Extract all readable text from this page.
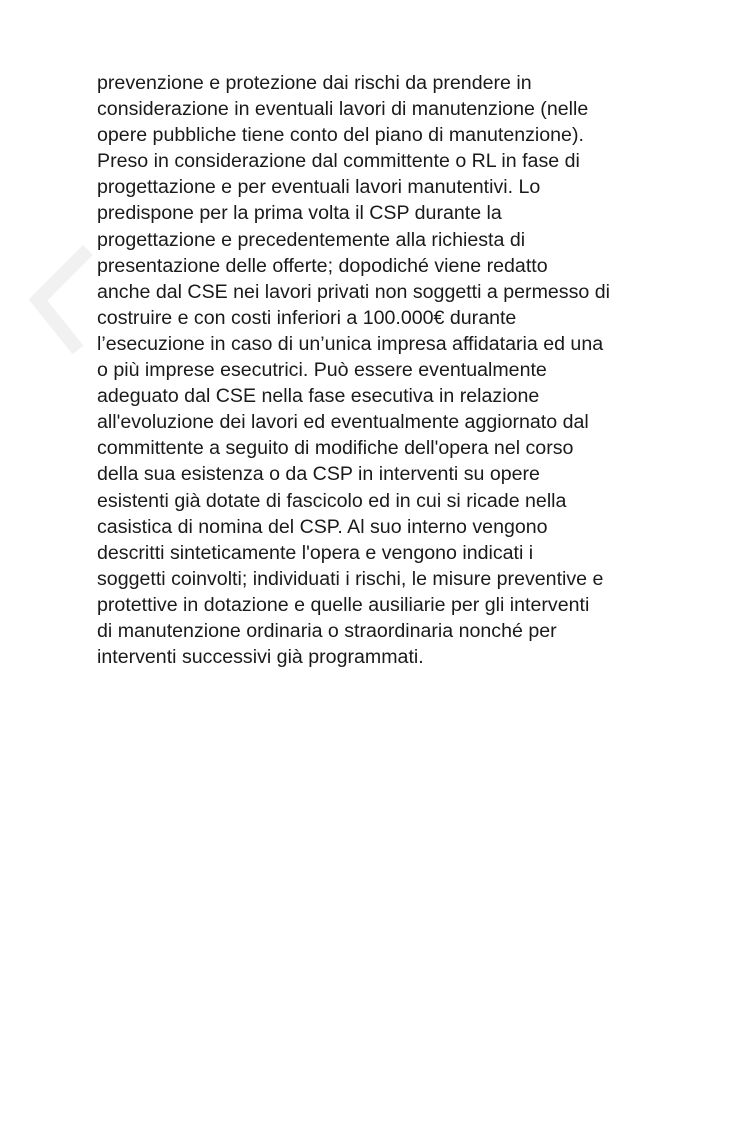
prevenzione e protezione dai rischi da prendere in
considerazione in eventuali lavori di manutenzione (nelle
opere pubbliche tiene conto del piano di manutenzione).
Preso in considerazione dal committente o RL in fase di
progettazione e per eventuali lavori manutentivi. Lo
predispone per la prima volta il CSP durante la
progettazione e precedentemente alla richiesta di
presentazione delle offerte; dopodiché viene redatto
anche dal CSE nei lavori privati non soggetti a permesso di
costruire e con costi inferiori a 100.000€ durante
l’esecuzione in caso di un’unica impresa affidataria ed una
o più imprese esecutrici. Può essere eventualmente
adeguato dal CSE nella fase esecutiva in relazione
all'evoluzione dei lavori ed eventualmente aggiornato dal
committente a seguito di modifiche dell'opera nel corso
della sua esistenza o da CSP in interventi su opere
esistenti già dotate di fascicolo ed in cui si ricade nella
casistica di nomina del CSP. Al suo interno vengono
descritti sinteticamente l'opera e vengono indicati i
soggetti coinvolti; individuati i rischi, le misure preventive e
protettive in dotazione e quelle ausiliarie per gli interventi
di manutenzione ordinaria o straordinaria nonché per
interventi successivi già programmati.
